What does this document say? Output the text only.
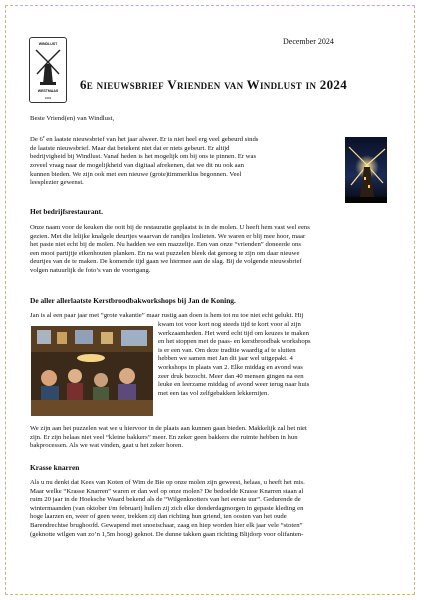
WINDLUST
WESTMAAS
1992
December 2024
6e nieuwsbrief Vrienden van Windlust in 2024
Beste Vriend(en) van Windlust,
De 6e en laatste nieuwsbrief van het jaar alweer. Er is niet heel erg veel gebeurd sinds
de laatste nieuwsbrief. Maar dat betekent niet dat er niets gebeurt. Er altijd
bedrijvigheid bij Windlust. Vanaf heden is het mogelijk om bij ons te pinnen. Er was
zoveel vraag naar de mogelijkheid van digitaal afrekenen, dat we dit nu ook aan
kunnen bieden. We zijn ook met een nieuwe (grote)timmerklus begonnen. Veel
leesplezier gewenst.
Het bedrijfsrestaurant.
Onze naam voor de keuken die ooit bij de restauratie geplaatst is in de molen. U heeft hem vast wel eens
gezien. Met die lelijke knalgele deurtjes waarvan de randjes loslieten. We waren er blij mee hoor, maar
het paste niet echt bij de molen. Nu hadden we een mazzeltje. Een van onze “vrienden” doneerde ons
een mooi partijtje eikenhouten planken. En na wat puzzelen bleek dat genoeg te zijn om daar nieuwe
deurtjes van de te maken. De komende tijd gaan we hiermee aan de slag. Bij de volgende nieuwsbrief
volgen natuurlijk de foto’s van de voortgang.
De aller allerlaatste Kerstbroodbakworkshops bij Jan de Koning.
Jan is al een paar jaar met “grote vakantie” maar rustig aan doen is hem tot nu toe niet echt gelukt. Hij
kwam tot voor kort nog steeds tijd te kort voor al zijn
werkzaamheden. Het werd echt tijd om keuzes te maken
en het stoppen met de paas- en kerstbroodbak workshops
is er een van. Om deze traditie waardig af te sluiten
hebben we samen met Jan dit jaar wel uitgepakt. 4
workshops in plaats van 2. Elke middag en avond was
zeer druk bezocht. Meer dan 40 mensen gingen na een
leuke en leerzame middag of avond weer terug naar huis
met een tas vol zelfgebakken lekkernijen.
We zijn aan het puzzelen wat we u hiervoor in de plaats aan kunnen gaan bieden. Makkelijk zal het niet
zijn. Er zijn helaas niet veel “kleine bakkers” meer. En zeker geen bakkers die ruimte hebben in hun
bakprocessen. Als we wat vinden, gaat u het zeker horen.
Krasse knarren
Als u nu denkt dat Kees van Koten of Wim de Bie op onze molen zijn geweest, helaas, u heeft het mis.
Maar welke “Krasse Knarren” waren er dan wel op onze molen? De bedoelde Krasse Knarren staan al
ruim 20 jaar in de Hoeksche Waard bekend als de “Wilgenknotters van het eerste uur”. Gedurende de
wintermaanden (van oktober t/m februari) hullen zij zich elke donderdagmorgen in gepaste kleding en
hoge laarzen en, weer of geen weer, trekken zij dan richting hun griend, ten oosten van het oude
Barendrechtse brughoofd. Gewapend met snoeischaar, zaag en hiep worden hier elk jaar vele “stoten”
(geknotte wilgen van zo’n 1,5m hoog) geknot. De dunne takken gaan richting Blijdorp voor olifanten-
